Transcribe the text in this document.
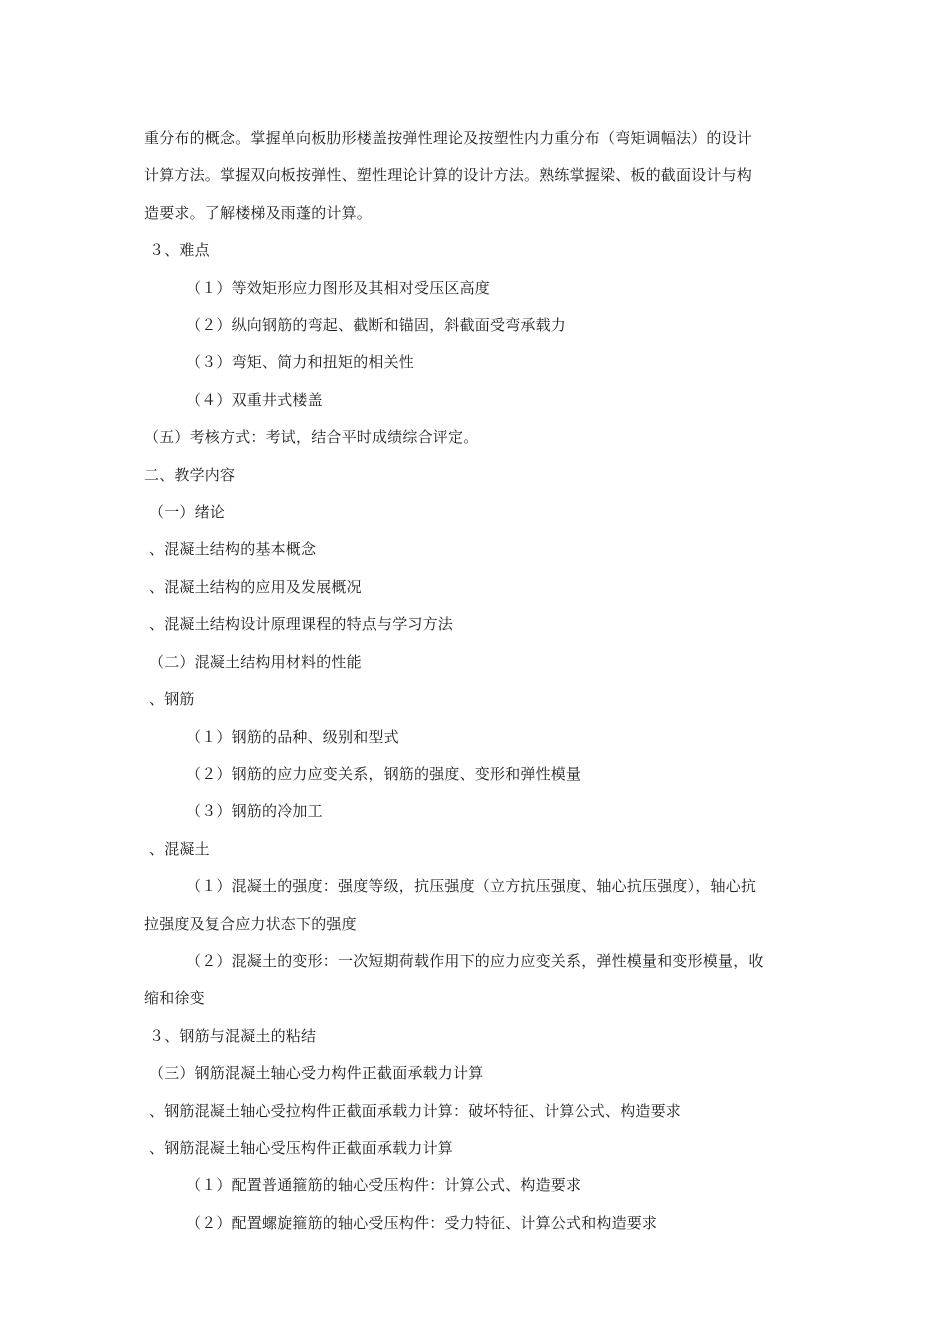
重分布的概念。掌握单向板肋形楼盖按弹性理论及按塑性内力重分布（弯矩调幅法）的设计
计算方法。掌握双向板按弹性、塑性理论计算的设计方法。熟练掌握梁、板的截面设计与构
造要求。了解楼梯及雨蓬的计算。
３、难点
（１）等效矩形应力图形及其相对受压区高度
（２）纵向钢筋的弯起、截断和锚固，斜截面受弯承载力
（３）弯矩、简力和扭矩的相关性
（４）双重井式楼盖
（五）考核方式：考试，结合平时成绩综合评定。
二、教学内容
（一）绪论
、混凝土结构的基本概念
、混凝土结构的应用及发展概况
、混凝土结构设计原理课程的特点与学习方法
（二）混凝土结构用材料的性能
、钢筋
（１）钢筋的品种、级别和型式
（２）钢筋的应力应变关系，钢筋的强度、变形和弹性模量
（３）钢筋的冷加工
、混凝土
（１）混凝土的强度：强度等级，抗压强度（立方抗压强度、轴心抗压强度），轴心抗
拉强度及复合应力状态下的强度
（２）混凝土的变形：一次短期荷载作用下的应力应变关系，弹性模量和变形模量，收
缩和徐变
３、钢筋与混凝土的粘结
（三）钢筋混凝土轴心受力构件正截面承载力计算
、钢筋混凝土轴心受拉构件正截面承载力计算：破坏特征、计算公式、构造要求
、钢筋混凝土轴心受压构件正截面承载力计算
（１）配置普通箍筋的轴心受压构件：计算公式、构造要求
（２）配置螺旋箍筋的轴心受压构件：受力特征、计算公式和构造要求
